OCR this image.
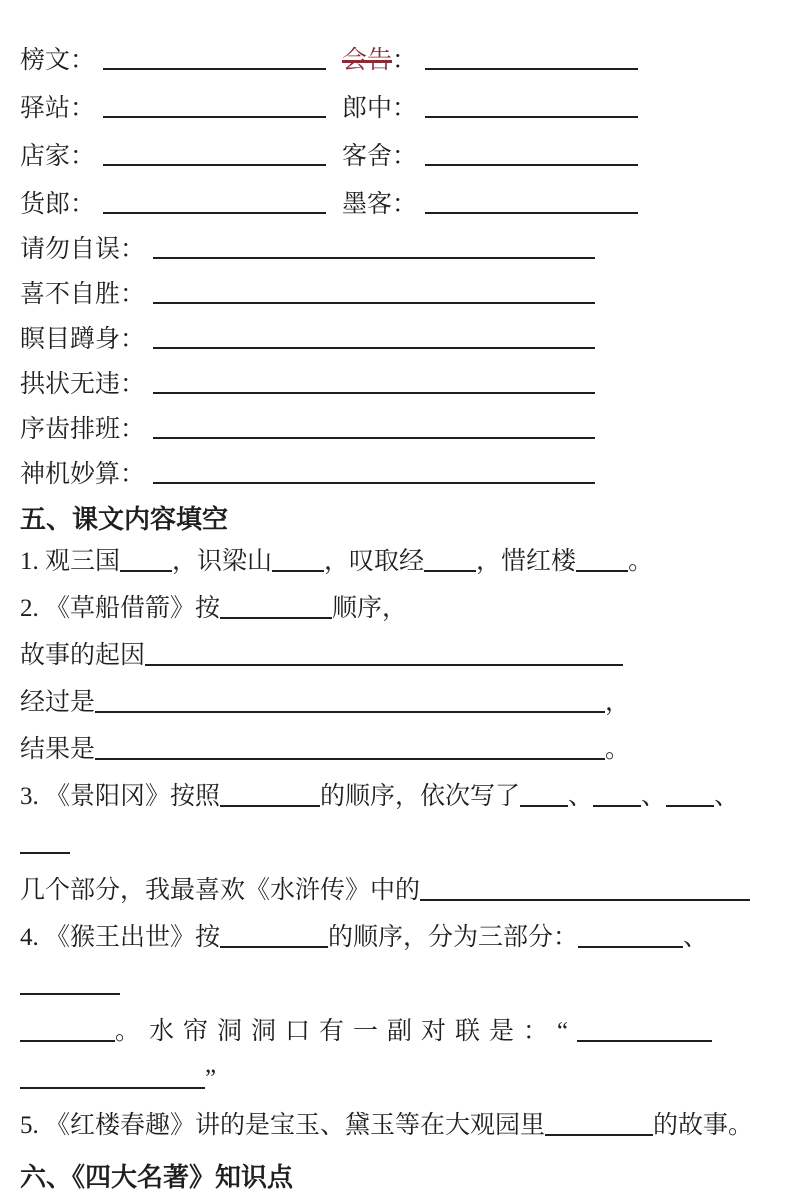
榜文：	会告：
驿站：	郎中：
店家：	客舍：
货郎：	墨客：
请勿自误：
喜不自胜：
瞑目蹲身：
拱状无违：
序齿排班：
神机妙算：
五、课文内容填空

1. 观三国 ，识梁山 ，叹取经 ，惜红楼 。

2. 《草船借箭》按	顺序，
故事的起因
经过是	，
结果是	。

3. 《景阳冈》按照	的顺序，依次写了 、 、 、
几个部分，我最喜欢《水浒传》中的

4. 《猴王出世》按	的顺序，分为三部分：	、
。水帘洞洞口有一副对联是：“
”

5. 《红楼春趣》讲的是宝玉、黛玉等在大观园里	的故事。

六、《四大名著》知识点
